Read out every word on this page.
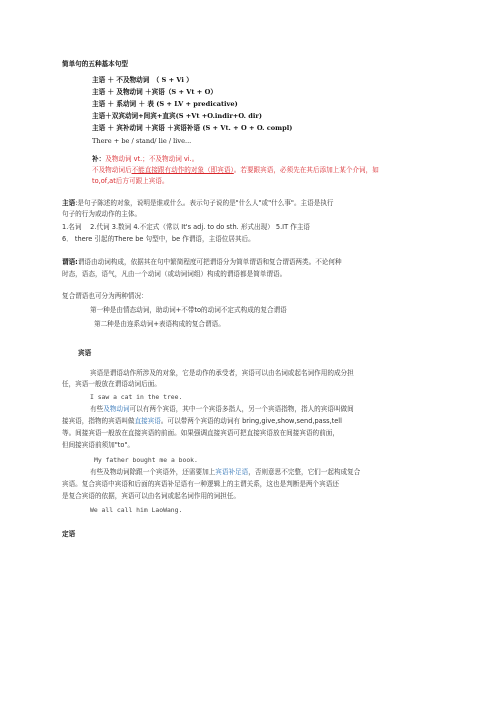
简单句的五种基本句型
主语 ＋ 不及物动词　（ S + Vi ）
主语 ＋ 及物动词 ＋宾语（S + Vt + O）
主语 ＋ 系动词 ＋ 表 (S + LV + predicative)
主语＋双宾动词+间宾+直宾(S +Vt +O.indir+O. dir)
主语 ＋ 宾补动词 ＋宾语 ＋宾语补语 (S + Vt. + O + O. compl)
There + be / stand/ lie / live...
补：及物动词 vt.；不及物动词 vi.。
不及物动词后不能直接跟有动作的对象（即宾语）。若要跟宾语，必须先在其后添加上某个介词，如
to,of,at后方可跟上宾语。
主语:是句子陈述的对象，说明是谁或什么。表示句子说的是"什么人"或"什么事"。主语是执行
句子的行为或动作的主体。
1.名词　 2.代词 3.数词 4.不定式（常以 It's adj. to do sth. 形式出现） 5.IT 作主语
6． there 引起的There be 句型中，be 作谓语，主语位居其后。
谓语:谓语由动词构成，依据其在句中繁简程度可把谓语分为简单谓语和复合谓语两类。不论何种
时态，语态，语气，凡由一个动词（或动词词组）构成的谓语都是简单谓语。
复合谓语也可分为两种情况：
第一种是由情态动词，助动词+不带to的动词不定式构成的复合谓语
第二种是由连系动词+表语构成的复合谓语。
宾语
宾语是谓语动作所涉及的对象，它是动作的承受者，宾语可以由名词或起名词作用的成分担
任，宾语一般放在谓语动词后面。
I saw a cat in the tree.
有些及物动词可以有两个宾语，其中一个宾语多指人，另一个宾语指物，指人的宾语叫做间
接宾语，指物的宾语叫做直接宾语。可以带两个宾语的动词有 bring,give,show,send,pass,tell
等。间接宾语一般放在直接宾语的前面。如果强调直接宾语可把直接宾语放在间接宾语的前面，
但间接宾语前须加"to"。
My father bought me a book.
有些及物动词除跟一个宾语外，还需要加上宾语补足语，否则意思不完整，它们一起构成复合
宾语。复合宾语中宾语和后面的宾语补足语有一种逻辑上的主谓关系，这也是判断是两个宾语还
是复合宾语的依据，宾语可以由名词或起名词作用的词担任。
We all call him LaoWang.
定语
